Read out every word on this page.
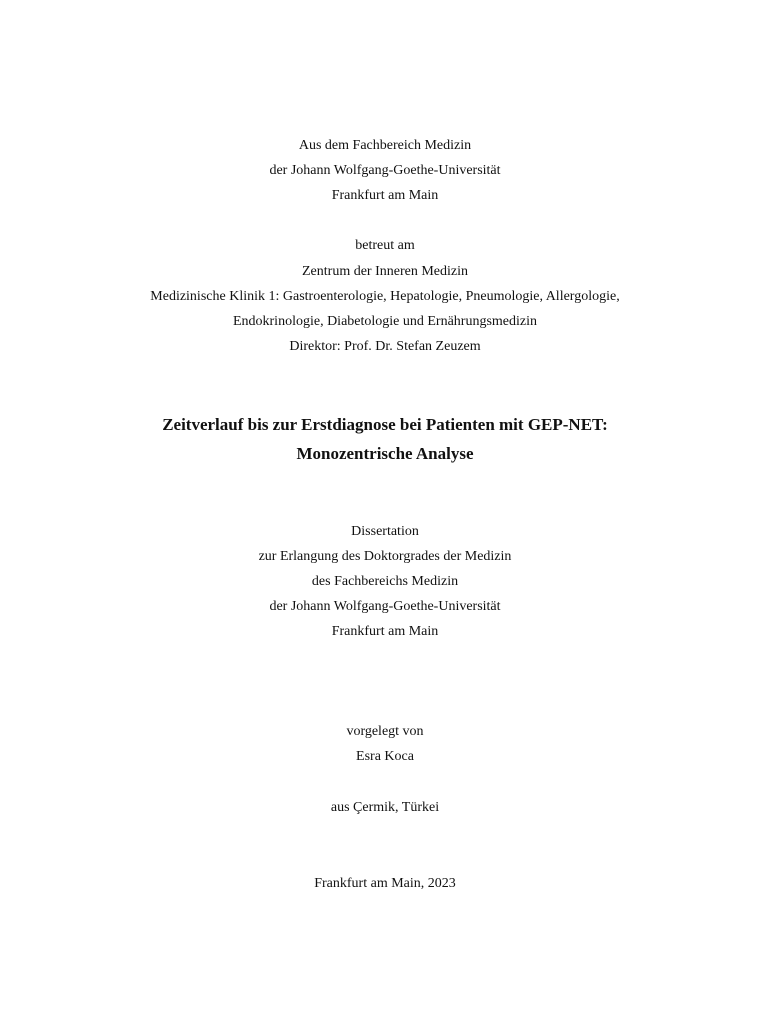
Aus dem Fachbereich Medizin
der Johann Wolfgang-Goethe-Universität
Frankfurt am Main
betreut am
Zentrum der Inneren Medizin
Medizinische Klinik 1: Gastroenterologie, Hepatologie, Pneumologie, Allergologie,
Endokrinologie, Diabetologie und Ernährungsmedizin
Direktor: Prof. Dr. Stefan Zeuzem
Zeitverlauf bis zur Erstdiagnose bei Patienten mit GEP-NET:
Monozentrische Analyse
Dissertation
zur Erlangung des Doktorgrades der Medizin
des Fachbereichs Medizin
der Johann Wolfgang-Goethe-Universität
Frankfurt am Main
vorgelegt von
Esra Koca
aus Çermik, Türkei
Frankfurt am Main, 2023
